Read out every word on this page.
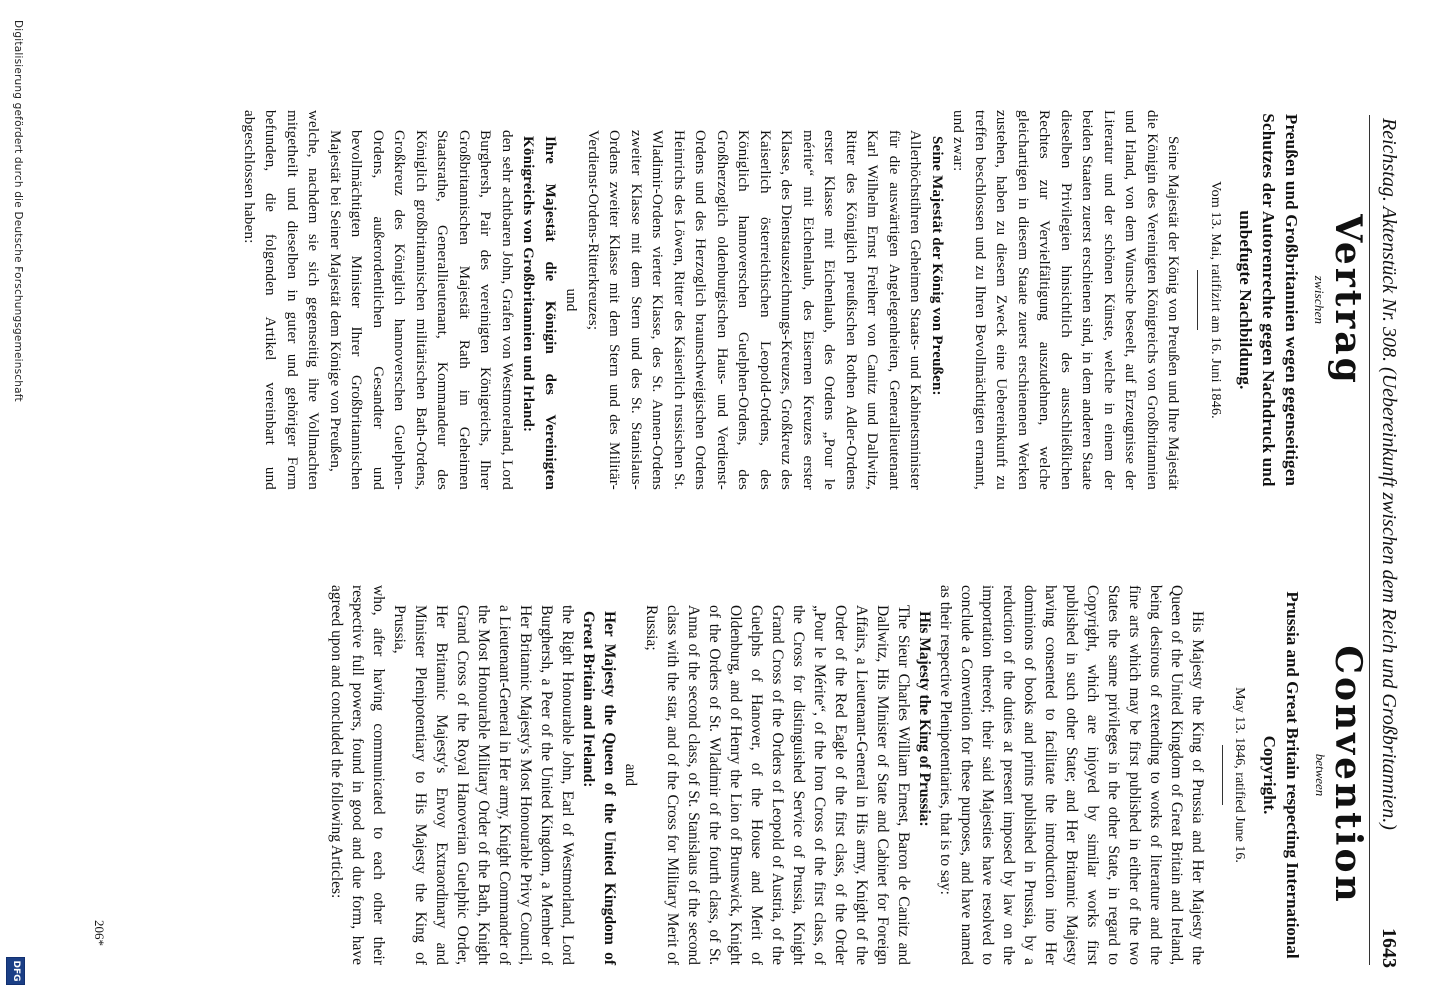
Reichstag. Aktenstück Nr. 308. (Uebereinkunft zwischen dem Reich und Großbritannien.)
1643
Vertrag
zwischen
Preußen und Großbritannien wegen gegenseitigen Schutzes der Autorenrechte gegen Nachdruck und unbefugte Nachbildung.
Vom 13. Mai, ratifizirt am 16. Juni 1846.

Seine Majestät der König von Preußen und Ihre Majestät die Königin des Vereinigten Königreichs von Großbritannien und Irland, von dem Wunsche beseelt, auf Erzeugnisse der Literatur und der schönen Künste, welche in einem der beiden Staaten zuerst erschienen sind, in dem anderen Staate dieselben Privilegien hinsichtlich des ausschließlichen Rechtes zur Vervielfältigung auszudehnen, welche gleichartigen in diesem Staate zuerst erschienenen Werken zustehen, haben zu diesem Zweck eine Uebereinkunft zu treffen beschlossen und zu Ihren Bevollmächtigten ernannt, und zwar:

Seine Majestät der König von Preußen:

Allerhöchstihren Geheimen Staats- und Kabinetsminister für die auswärtigen Angelegenheiten, Generallieutenant Karl Wilhelm Ernst Freiherr von Canitz und Dallwitz, Ritter des Königlich preußischen Rothen Adler-Ordens erster Klasse mit Eichenlaub, des Ordens „Pour le mérite“ mit Eichenlaub, des Eisernen Kreuzes erster Klasse, des Dienstauszeichnungs-Kreuzes, Großkreuz des Kaiserlich österreichischen Leopold-Ordens, des Königlich hannoverschen Guelphen-Ordens, des Großherzoglich oldenburgischen Haus- und Verdienst-Ordens und des Herzoglich braunschweigischen Ordens Heinrichs des Löwen, Ritter des Kaiserlich russischen St. Wladimir-Ordens vierter Klasse, des St. Annen-Ordens zweiter Klasse mit dem Stern und des St. Stanislaus-Ordens zweiter Klasse mit dem Stern und des Militär-Verdienst-Ordens-Ritterkreuzes;

und

Ihre Majestät die Königin des Vereinigten Königreichs von Großbritannien und Irland:

den sehr achtbaren John, Grafen von Westmoreland, Lord Burghersh, Pair des vereinigten Königreichs, Ihrer Großbritannischen Majestät Rath im Geheimen Staatsrathe, Generallieutenant, Kommandeur des Königlich großbritannischen militärischen Bath-Ordens, Großkreuz des Königlich hannoverschen Guelphen-Ordens, außerordentlichen Gesandter und bevollmächtigten Minister Ihrer Großbritannischen Majestät bei Seiner Majestät dem Könige von Preußen,

welche, nachdem sie sich gegenseitig ihre Vollmachten mitgetheilt und dieselben in guter und gehöriger Form befunden, die folgenden Artikel vereinbart und abgeschlossen haben:

Convention
between
Prussia and Great Britain respecting International Copyright.
May 13. 1846, ratified June 16.

His Majesty the King of Prussia and Her Majesty the Queen of the United Kingdom of Great Britain and Ireland, being desirous of extending to works of literature and the fine arts which may be first published in either of the two States the same privileges in the other State, in regard to Copyright, which are injoyed by similar works first published in such other State; and Her Britannic Majesty having consented to facilitate the introduction into Her dominions of books and prints published in Prussia, by a reduction of the duties at present imposed by law on the importation thereof; their said Majesties have resolved to conclude a Convention for these purposes, and have named as their respective Plenipotentiaries, that is to say:

His Majesty the King of Prussia:

The Sieur Charles William Ernest, Baron de Canitz and Dallwitz, His Minister of State and Cabinet for Foreign Affairs, a Lieutenant-General in His army, Knight of the Order of the Red Eagle of the first class, of the Order „Pour le Mérite“, of the Iron Cross of the first class, of the Cross for distinguished Service of Prussia, Knight Grand Cross of the Orders of Leopold of Austria, of the Guelphs of Hanover, of the House and Merit of Oldenburg, and of Henry the Lion of Brunswick, Knight of the Orders of St. Wladimir of the fourth class, of St. Anna of the second class, of St. Stanislaus of the second class with the star, and of the Cross for Military Merit of Russia;

and

Her Majesty the Queen of the United Kingdom of Great Britain and Ireland:

the Right Honourable John, Earl of Westmorland, Lord Burghersh, a Peer of the United Kingdom, a Member of Her Britannic Majesty's Most Honourable Privy Council, a Lieutenant-General in Her army, Knight Commander of the Most Honourable Military Order of the Bath, Knight Grand Cross of the Royal Hanoverian Guelphic Order, Her Britannic Majesty's Envoy Extraordinary and Minister Plenipotentiary to His Majesty the King of Prussia,

who, after having communicated to each other their respective full powers, found in good and due form, have agreed upon and concluded the following Articles:

206*
Digitalisierung gefördert durch die Deutsche Forschungsgemeinschaft
DFG
